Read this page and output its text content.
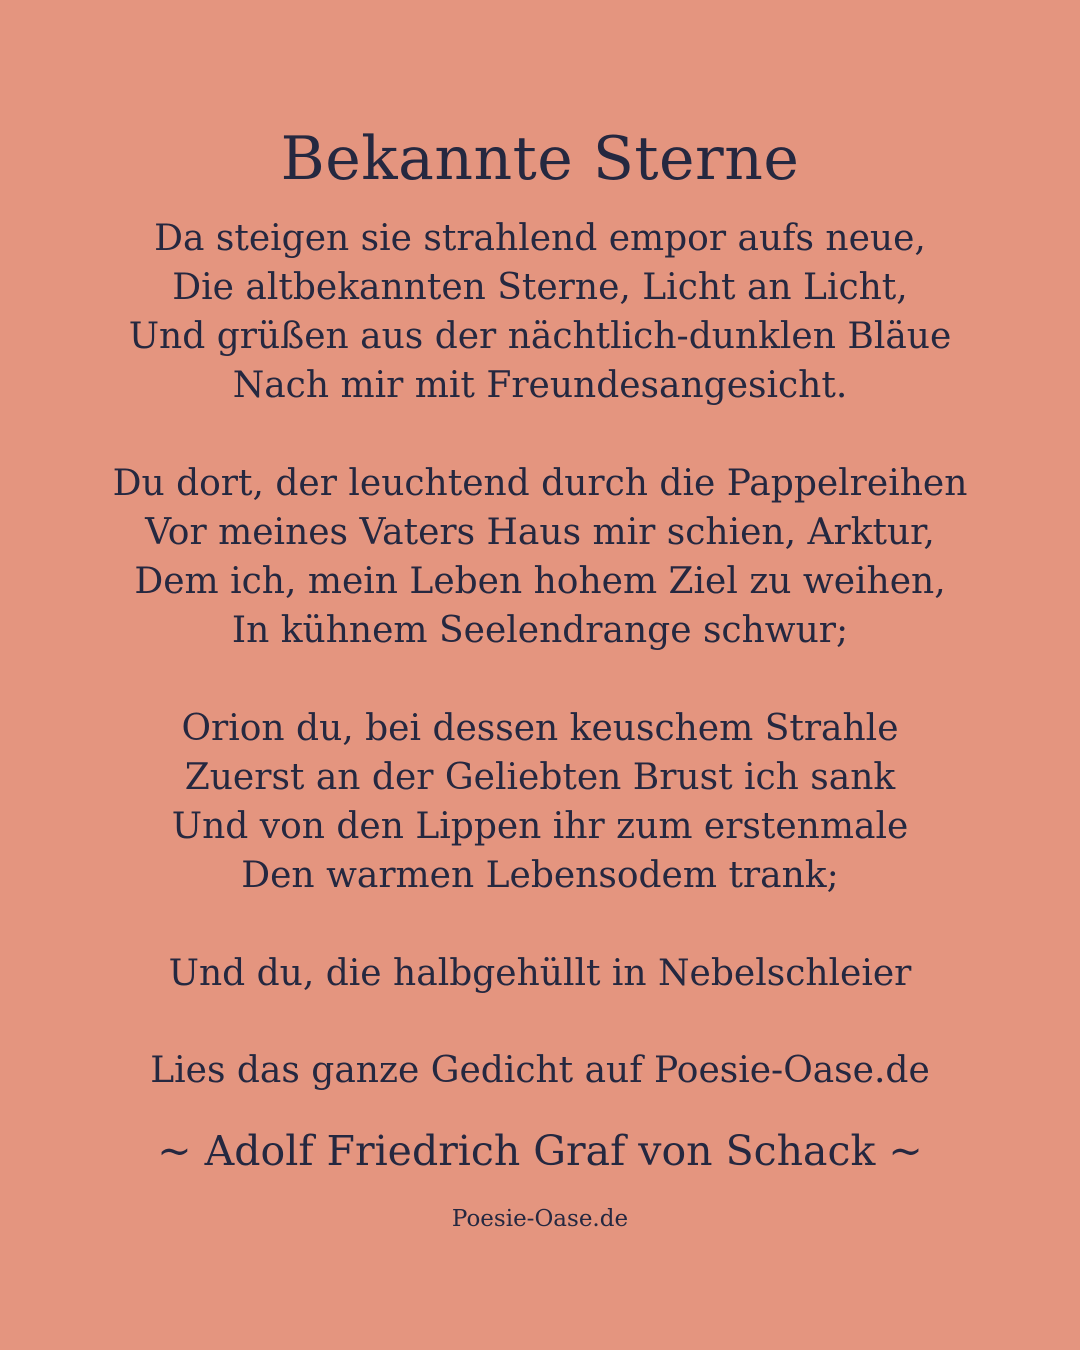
Bekannte Sterne
Da steigen sie strahlend empor aufs neue,
Die altbekannten Sterne, Licht an Licht,
Und grüßen aus der nächtlich-dunklen Bläue
Nach mir mit Freundesangesicht.
Du dort, der leuchtend durch die Pappelreihen
Vor meines Vaters Haus mir schien, Arktur,
Dem ich, mein Leben hohem Ziel zu weihen,
In kühnem Seelendrange schwur;
Orion du, bei dessen keuschem Strahle
Zuerst an der Geliebten Brust ich sank
Und von den Lippen ihr zum erstenmale
Den warmen Lebensodem trank;
Und du, die halbgehüllt in Nebelschleier
Lies das ganze Gedicht auf Poesie-Oase.de
~ Adolf Friedrich Graf von Schack ~
Poesie-Oase.de
